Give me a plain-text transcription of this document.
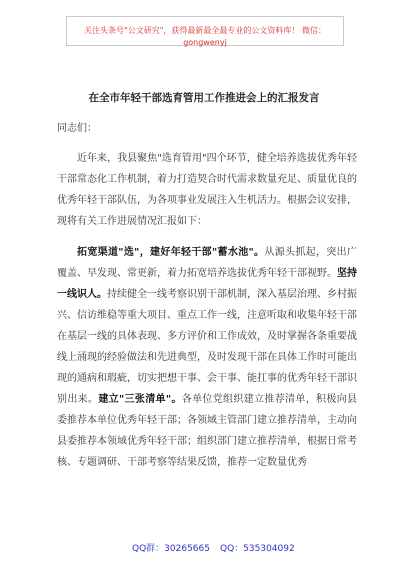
关注头条号"公文研究"，获得最新最全最专业的公文资料库！ 微信：gongwenyj
在全市年轻干部选育管用工作推进会上的汇报发言
同志们：

近年来，我县聚焦"选育管用"四个环节，健全培养选拔优秀年轻干部常态化工作机制，着力打造契合时代需求数量充足、质量优良的优秀年轻干部队伍，为各项事业发展注入生机活力。根据会议安排，现将有关工作进展情况汇报如下：

拓宽渠道"选"，建好年轻干部"蓄水池"。从源头抓起，突出广覆盖、早发现、常更新，着力拓宽培养选拔优秀年轻干部视野。坚持一线识人。持续健全一线考察识别干部机制，深入基层治理、乡村振兴、信访维稳等重大项目、重点工作一线，注意听取和收集年轻干部在基层一线的具体表现、多方评价和工作成效，及时掌握各条重要战线上涌现的经验做法和先进典型，及时发现干部在具体工作时可能出现的通病和瑕疵，切实把想干事、会干事、能扛事的优秀年轻干部识别出来。建立"三张清单"。各单位党组织建立推荐清单，积极向县委推荐本单位优秀年轻干部；各领域主管部门建立推荐清单，主动向县委推荐本领域优秀年轻干部；组织部门建立推荐清单，根据日常考核、专题调研、干部考察等结果反馈，推荐一定数量优秀

QQ群：30265665 QQ：535304092
